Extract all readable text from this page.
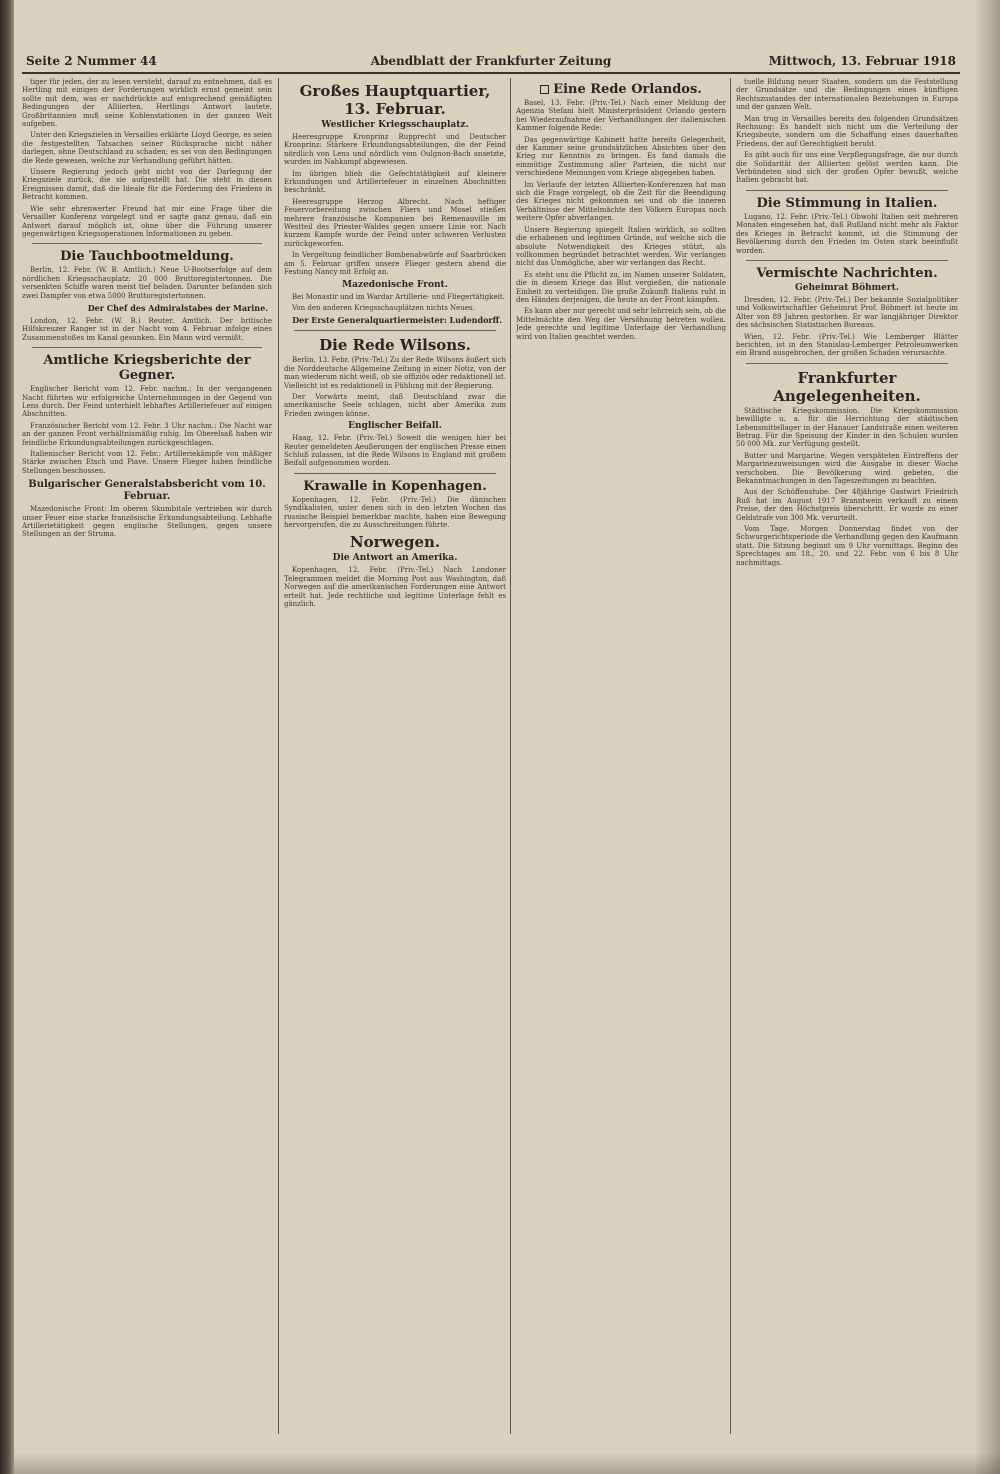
Seite 2 Nummer 44	Abendblatt der Frankfurter Zeitung	Mittwoch, 13. Februar 1918

tiger für jeden, der zu lesen versteht, darauf zu entnehmen, daß es Hertling mit einigen der Forderungen wirklich ernst gemeint sein sollte mit dem, was er nachdrückte auf entsprechend gemäßigten Bedingungen der Alliierten. Hertlings Antwort lautete, Großbritannien muß seine Kohlenstationen in der ganzen Welt aufgeben.

Unter den Kriegszielen in Versailles erklärte Lloyd George, es seien die festgestellten Tatsachen seiner Rücksprache nicht näher darlegen, ohne Deutschland zu schaden; es sei von den Bedingungen die Rede gewesen, welche zur Verhandlung geführt hätten.

Unsere Regierung jedoch geht nicht von der Darlegung der Kriegsziele zurück, die sie aufgestellt hat. Die steht in diesen Ereignissen damit, daß die Ideale für die Förderung des Friedens in Betracht kommen.

Wie sehr ehrenwerter Freund hat mir eine Frage über die Versailler Konferenz vorgelegt und er sagte ganz genau, daß ein Antwort darauf möglich ist, ohne über die Führung unserer gegenwärtigen Kriegsoperationen Informationen zu geben.

Die Tauchbootmeldung.

Berlin, 12. Febr. (W. B. Amtlich.) Neue U-Bootserfolge auf dem nördlichen Kriegsschauplatz: 20 000 Bruttoregistertonnen. Die versenkten Schiffe waren meist tief beladen. Darunter befanden sich zwei Dampfer von etwa 5000 Bruttoregistertonnen.

Der Chef des Admiralstabes der Marine.

London, 12. Febr. (W. B.) Reuter. Amtlich. Der britische Hilfskreuzer Ranger ist in der Nacht vom 4. Februar infolge eines Zusammenstoßes im Kanal gesunken. Ein Mann wird vermißt.

Amtliche Kriegsberichte der Gegner.

Englischer Bericht vom 12. Febr. nachm.: In der vergangenen Nacht führten wir erfolgreiche Unternehmungen in der Gegend von Lens durch. Der Feind unterhielt lebhaftes Artilleriefeuer auf einigen Abschnitten.

Französischer Bericht vom 12. Febr. 3 Uhr nachm.: Die Nacht war an der ganzen Front verhältnismäßig ruhig. Im Oberelsaß haben wir feindliche Erkundungsabteilungen zurückgeschlagen.

Italienischer Bericht vom 12. Febr.: Artilleriekämpfe von mäßiger Stärke zwischen Etsch und Piave. Unsere Flieger haben feindliche Stellungen beschossen.

Bulgarischer Generalstabsbericht vom 10. Februar.

Mazedonische Front: Im oberen Skumbitale vertrieben wir durch unser Feuer eine starke französische Erkundungsabteilung. Lebhafte Artillerietätigkeit gegen englische Stellungen, gegen unsere Stellungen an der Struma.

Großes Hauptquartier, 13. Februar.
Westlicher Kriegsschauplatz.

Heeresgruppe Kronprinz Rupprecht und Deutscher Kronprinz: Stärkere Erkundungsabteilungen, die der Feind nördlich von Lens und nördlich vom Oulgnon-Bach ansetzte, wurden im Nahkampf abgewiesen.

Im übrigen blieb die Gefechtstätigkeit auf kleinere Erkundungen und Artilleriefeuer in einzelnen Abschnitten beschränkt.

Heeresgruppe Herzog Albrecht. Nach heftiger Feuervorbereitung zwischen Fliers und Mosel stießen mehrere französische Kompanien bei Remenauville im Westteil des Priester-Waldes gegen unsere Linie vor. Nach kurzem Kampfe wurde der Feind unter schweren Verlusten zurückgeworfen.

In Vergeltung feindlicher Bombenabwürfe auf Saarbrücken am 5. Februar griffen unsere Flieger gestern abend die Festung Nancy mit Erfolg an.

Mazedonische Front.

Bei Monastir und im Wardar Artillerie- und Fliegertätigkeit.

Von den anderen Kriegsschauplätzen nichts Neues.

Der Erste Generalquartiermeister: Ludendorff.
Die Rede Wilsons.

Berlin, 13. Febr. (Priv.-Tel.) Zu der Rede Wilsons äußert sich die Norddeutsche Allgemeine Zeitung in einer Notiz, von der man wiederum nicht weiß, ob sie offiziös oder redaktionell ist. Vielleicht ist es redaktionell in Fühlung mit der Regierung.

Der Vorwärts meint, daß Deutschland zwar die amerikanische Seele schlagen, nicht aber Amerika zum Frieden zwingen könne.

Englischer Beifall.

Haag, 12. Febr. (Priv.-Tel.) Soweit die wenigen hier bei Reuter gemeldeten Aeußerungen der englischen Presse einen Schluß zulassen, ist die Rede Wilsons in England mit großem Beifall aufgenommen worden.

Krawalle in Kopenhagen.

Kopenhagen, 12. Febr. (Priv.-Tel.) Die dänischen Syndikalisten, unter denen sich in den letzten Wochen das russische Beispiel bemerkbar machte, haben eine Bewegung hervorgerufen, die zu Ausschreitungen führte.

Norwegen.
Die Antwort an Amerika.

Kopenhagen, 12. Febr. (Priv.-Tel.) Nach Londoner Telegrammen meldet die Morning Post aus Washington, daß Norwegen auf die amerikanischen Forderungen eine Antwort erteilt hat. Jede rechtliche und legitime Unterlage fehlt es gänzlich.

Eine Rede Orlandos.

Basel, 13. Febr. (Priv.-Tel.) Nach einer Meldung der Agenzia Stefani hielt Ministerpräsident Orlando gestern bei Wiederaufnahme der Verhandlungen der italienischen Kammer folgende Rede:

Das gegenwärtige Kabinett hatte bereits Gelegenheit, der Kammer seine grundsätzlichen Absichten über den Krieg zur Kenntnis zu bringen. Es fand damals die einmütige Zustimmung aller Parteien, die nicht nur verschiedene Meinungen vom Kriege abgegeben haben.

Im Verlaufe der letzten Alliierten-Konferenzen hat man sich die Frage vorgelegt, ob die Zeit für die Beendigung des Krieges nicht gekommen sei und ob die inneren Verhältnisse der Mittelmächte den Völkern Europas noch weitere Opfer abverlangen.

Unsere Regierung spiegelt Italien wirklich, so sollten die erhabenen und legitimen Gründe, auf welche sich die absolute Notwendigkeit des Krieges stützt, als vollkommen begründet betrachtet werden. Wir verlangen nicht das Unmögliche, aber wir verlangen das Recht.

Es steht uns die Pflicht zu, im Namen unserer Soldaten, die in diesem Kriege das Blut vergießen, die nationale Einheit zu verteidigen. Die große Zukunft Italiens ruht in den Händen derjenigen, die heute an der Front kämpfen.

Es kann aber nur gerecht und sehr lehrreich sein, ob die Mittelmächte den Weg der Versöhnung betreten wollen. Jede gerechte und legitime Unterlage der Verhandlung wird von Italien geachtet werden.

tuelle Bildung neuer Staaten, sondern um die Feststellung der Grundsätze und die Bedingungen eines künftigen Rechtszustandes der internationalen Beziehungen in Europa und der ganzen Welt.

Man trug in Versailles bereits den folgenden Grundsätzen Rechnung: Es handelt sich nicht um die Verteilung der Kriegsbeute, sondern um die Schaffung eines dauerhaften Friedens, der auf Gerechtigkeit beruht.

Es gibt auch für uns eine Verpflegungsfrage, die nur durch die Solidarität der Alliierten gelöst werden kann. Die Verbündeten sind sich der großen Opfer bewußt, welche Italien gebracht hat.

Die Stimmung in Italien.

Lugano, 12. Febr. (Priv.-Tel.) Obwohl Italien seit mehreren Monaten eingesehen hat, daß Rußland nicht mehr als Faktor des Krieges in Betracht kommt, ist die Stimmung der Bevölkerung durch den Frieden im Osten stark beeinflußt worden.

Vermischte Nachrichten.
Geheimrat Böhmert.

Dresden, 12. Febr. (Priv.-Tel.) Der bekannte Sozialpolitiker und Volkswirtschaftler Geheimrat Prof. Böhmert ist heute im Alter von 89 Jahren gestorben. Er war langjähriger Direktor des sächsischen Statistischen Bureaus.

Wien, 12. Febr. (Priv.-Tel.) Wie Lemberger Blätter berichten, ist in den Stanislau-Lemberger Petroleumwerken ein Brand ausgebrochen, der großen Schaden verursachte.

Frankfurter Angelegenheiten.

Städtische Kriegskommission. Die Kriegskommission bewilligte u. a. für die Herrichtung der städtischen Lebensmittellager in der Hanauer Landstraße einen weiteren Betrag. Für die Speisung der Kinder in den Schulen wurden 50 000 Mk. zur Verfügung gestellt.

Butter und Margarine. Wegen verspäteten Eintreffens der Margarinezuweisungen wird die Ausgabe in dieser Woche verschoben. Die Bevölkerung wird gebeten, die Bekanntmachungen in den Tageszeitungen zu beachten.

Aus der Schöffenstube. Der 48jährige Gastwirt Friedrich Ruß hat im August 1917 Branntwein verkauft zu einem Preise, der den Höchstpreis überschritt. Er wurde zu einer Geldstrafe von 300 Mk. verurteilt.

Vom Tage. Morgen Donnerstag findet von der Schwurgerichtsperiode die Verhandlung gegen den Kaufmann statt. Die Sitzung beginnt um 9 Uhr vormittags. Beginn des Sprechtages am 18., 20. und 22. Febr. von 6 bis 8 Uhr nachmittags.
